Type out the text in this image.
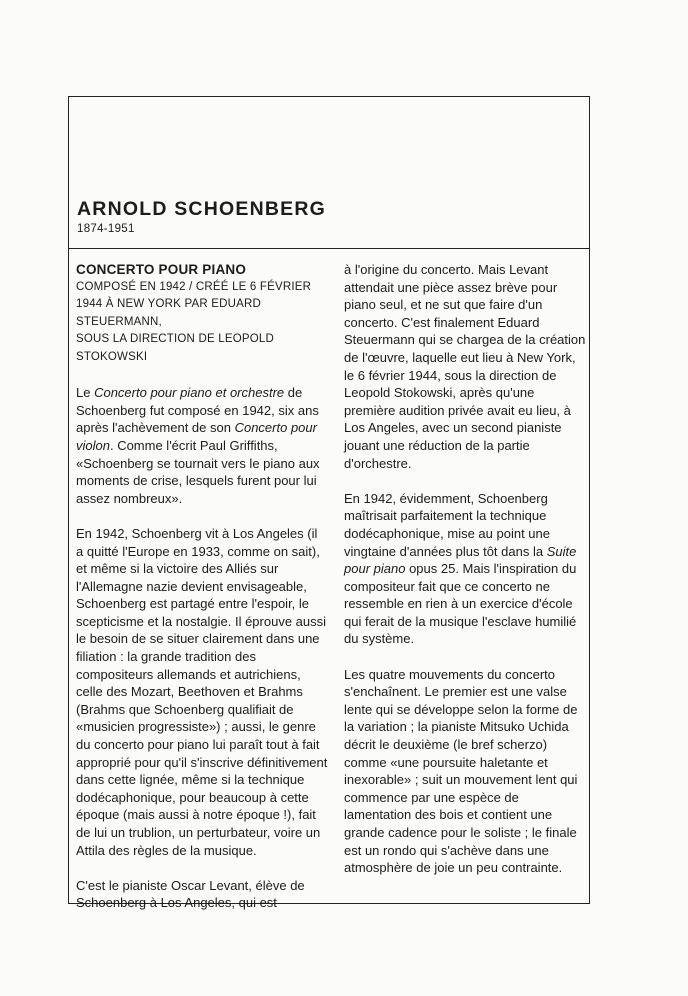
ARNOLD SCHOENBERG
1874-1951
CONCERTO POUR PIANO
COMPOSÉ EN 1942 / CRÉÉ LE 6 FÉVRIER
1944 À NEW YORK PAR EDUARD STEUERMANN,
SOUS LA DIRECTION DE LEOPOLD STOKOWSKI

Le Concerto pour piano et orchestre de Schoenberg fut composé en 1942, six ans après l'achèvement de son Concerto pour violon. Comme l'écrit Paul Griffiths, «Schoenberg se tournait vers le piano aux moments de crise, lesquels furent pour lui assez nombreux».

En 1942, Schoenberg vit à Los Angeles (il a quitté l'Europe en 1933, comme on sait), et même si la victoire des Alliés sur l'Allemagne nazie devient envisageable, Schoenberg est partagé entre l'espoir, le scepticisme et la nostalgie. Il éprouve aussi le besoin de se situer clairement dans une filiation : la grande tradition des compositeurs allemands et autrichiens, celle des Mozart, Beethoven et Brahms (Brahms que Schoenberg qualifiait de «musicien progressiste») ; aussi, le genre du concerto pour piano lui paraît tout à fait approprié pour qu'il s'inscrive définitivement dans cette lignée, même si la technique dodécaphonique, pour beaucoup à cette époque (mais aussi à notre époque !), fait de lui un trublion, un perturbateur, voire un Attila des règles de la musique.

C'est le pianiste Oscar Levant, élève de Schoenberg à Los Angeles, qui est

à l'origine du concerto. Mais Levant attendait une pièce assez brève pour piano seul, et ne sut que faire d'un concerto. C'est finalement Eduard Steuermann qui se chargea de la création de l'œuvre, laquelle eut lieu à New York, le 6 février 1944, sous la direction de Leopold Stokowski, après qu'une première audition privée avait eu lieu, à Los Angeles, avec un second pianiste jouant une réduction de la partie d'orchestre.

En 1942, évidemment, Schoenberg maîtrisait parfaitement la technique dodécaphonique, mise au point une vingtaine d'années plus tôt dans la Suite pour piano opus 25. Mais l'inspiration du compositeur fait que ce concerto ne ressemble en rien à un exercice d'école qui ferait de la musique l'esclave humilié du système.

Les quatre mouvements du concerto s'enchaînent. Le premier est une valse lente qui se développe selon la forme de la variation ; la pianiste Mitsuko Uchida décrit le deuxième (le bref scherzo) comme «une poursuite haletante et inexorable» ; suit un mouvement lent qui commence par une espèce de lamentation des bois et contient une grande cadence pour le soliste ; le finale est un rondo qui s'achève dans une atmosphère de joie un peu contrainte.
